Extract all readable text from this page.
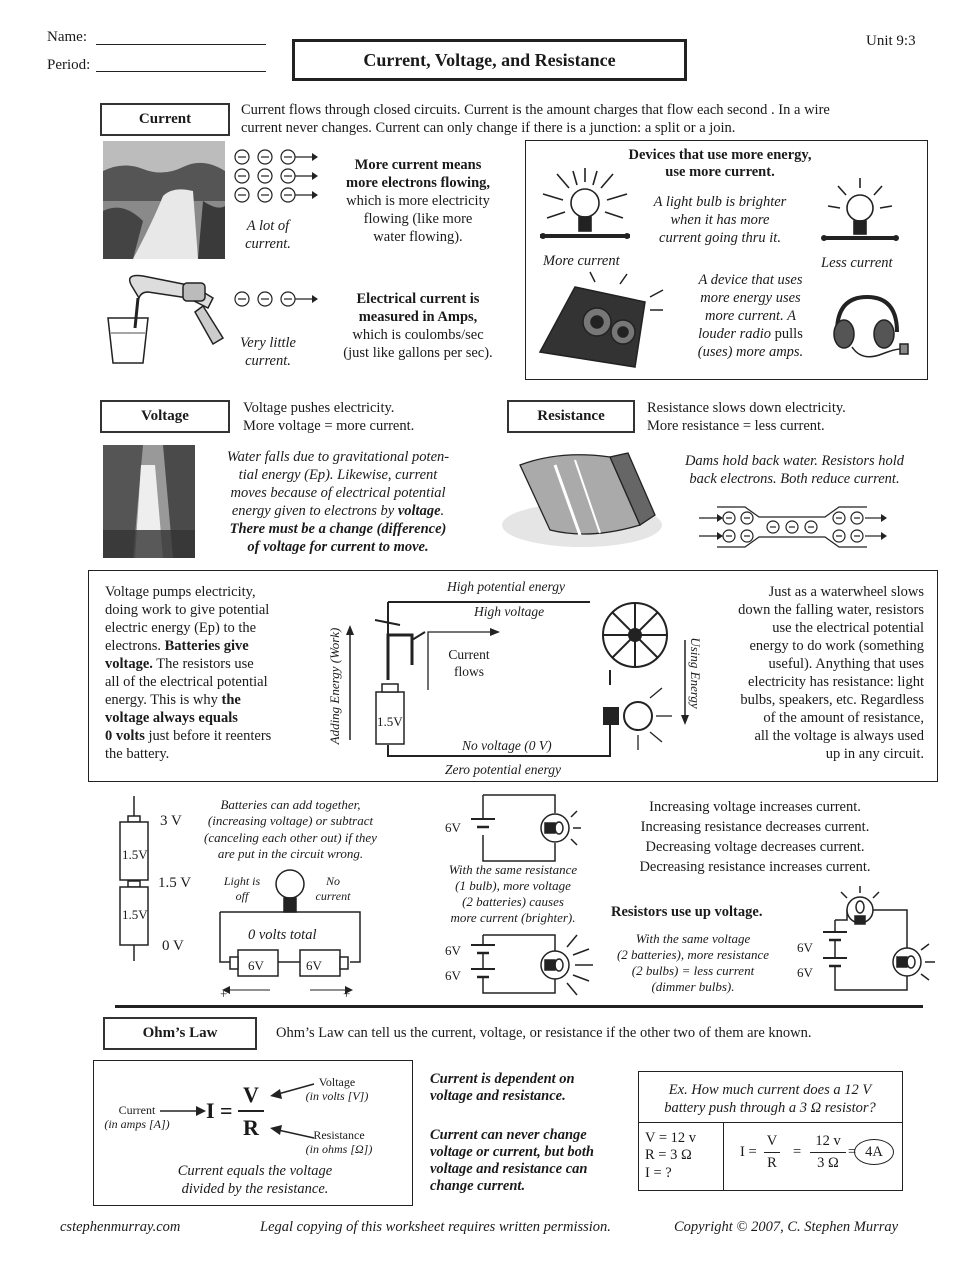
Name:
Period:	Current, Voltage, and Resistance
Unit 9:3
Current
Current flows through closed circuits. Current is the amount charges that flow each second . In a wire
current never changes. Current can only change if there is a junction: a split or a join.
A lot of
current.
More current means
more electrons flowing,
which is more electricity
flowing (like more
water flowing).
Very little
current.
Electrical current is
measured in Amps,
which is coulombs/sec
(just like gallons per sec).
Devices that use more energy,
use more current.
A light bulb is brighter
when it has more
current going thru it.
More current	Less current
A device that uses
more energy uses
more current. A
louder radio pulls
(uses) more amps.
Voltage	Voltage pushes electricity.
More voltage = more current.
Water falls due to gravitational poten-
tial energy (Ep). Likewise, current
moves because of electrical potential
energy given to electrons by voltage.
There must be a change (difference)
of voltage for current to move.
Resistance	Resistance slows down electricity.
More resistance = less current.
Dams hold back water. Resistors hold
back electrons. Both reduce current.
Voltage pumps electricity,
doing work to give potential
electric energy (Ep) to the
electrons. Batteries give
voltage. The resistors use
all of the electrical potential
energy. This is why the
voltage always equals
0 volts just before it reenters
the battery.
High potential energy
High voltage
Current
flows
Adding Energy (Work)	Using Energy
1.5V
No voltage (0 V)
Zero potential energy
Just as a waterwheel slows
down the falling water, resistors
use the electrical potential
energy to do work (something
useful). Anything that uses
electricity has resistance: light
bulbs, speakers, etc. Regardless
of the amount of resistance,
all the voltage is always used
up in any circuit.
3 V
1.5V
1.5 V
1.5V
0 V
Batteries can add together,
(increasing voltage) or subtract
(canceling each other out) if they
are put in the circuit wrong.
Light is
off
No
current
0 volts total
6V	6V
+	+
6V
With the same resistance
(1 bulb), more voltage
(2 batteries) causes
more current (brighter).
6V
6V
Increasing voltage increases current.
Increasing resistance decreases current.
Decreasing voltage decreases current.
Decreasing resistance increases current.
Resistors use up voltage.
With the same voltage
(2 batteries), more resistance
(2 bulbs) = less current
(dimmer bulbs).
6V
6V
Ohm’s Law	Ohm’s Law can tell us the current, voltage, or resistance if the other two of them are known.
Current
(in amps [A])
I =
V
R
Voltage
(in volts [V])
Resistance
(in ohms [Ω])
Current equals the voltage
divided by the resistance.
Current is dependent on
voltage and resistance.
Current can never change
voltage or current, but both
voltage and resistance can
change current.
Ex. How much current does a 12 V
battery push through a 3 Ω resistor?
V = 12 v
R = 3 Ω
I = ?
I =
V
R
=
12 v
3 Ω
= 4A
cstephenmurray.com	Legal copying of this worksheet requires written permission.	Copyright © 2007, C. Stephen Murray
